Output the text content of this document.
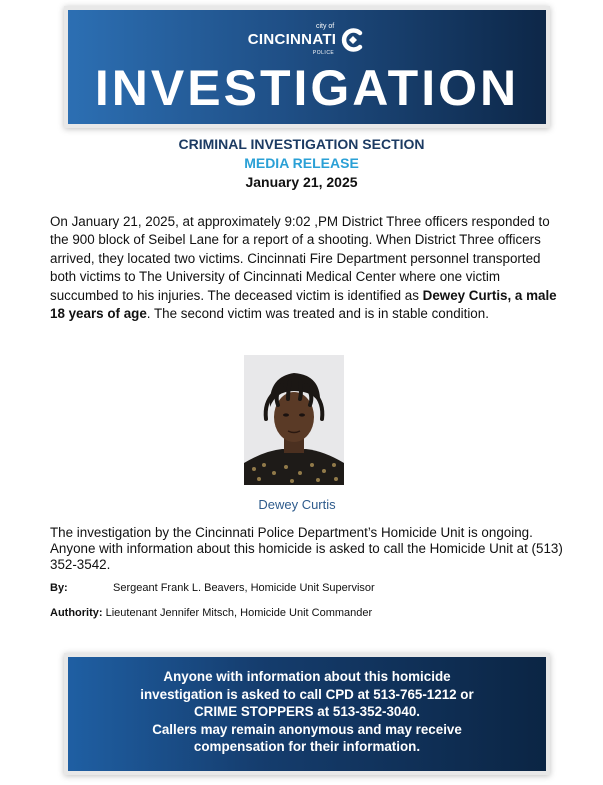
city of
CINCINNATI
POLICE
INVESTIGATION
CRIMINAL INVESTIGATION SECTION
MEDIA RELEASE
January 21, 2025
On January 21, 2025, at approximately 9:02 ,PM District Three officers responded to the 900 block of Seibel Lane for a report of a shooting. When District Three officers arrived, they located two victims. Cincinnati Fire Department personnel transported both victims to The University of Cincinnati Medical Center where one victim succumbed to his injuries. The deceased victim is identified as Dewey Curtis, a male 18 years of age. The second victim was treated and is in stable condition.
Dewey Curtis
The investigation by the Cincinnati Police Department’s Homicide Unit is ongoing. Anyone with information about this homicide is asked to call the Homicide Unit at (513) 352-3542.
By:	Sergeant Frank L. Beavers, Homicide Unit Supervisor
Authority: Lieutenant Jennifer Mitsch, Homicide Unit Commander
Anyone with information about this homicide
investigation is asked to call CPD at 513-765-1212 or
CRIME STOPPERS at 513-352-3040.
Callers may remain anonymous and may receive
compensation for their information.
